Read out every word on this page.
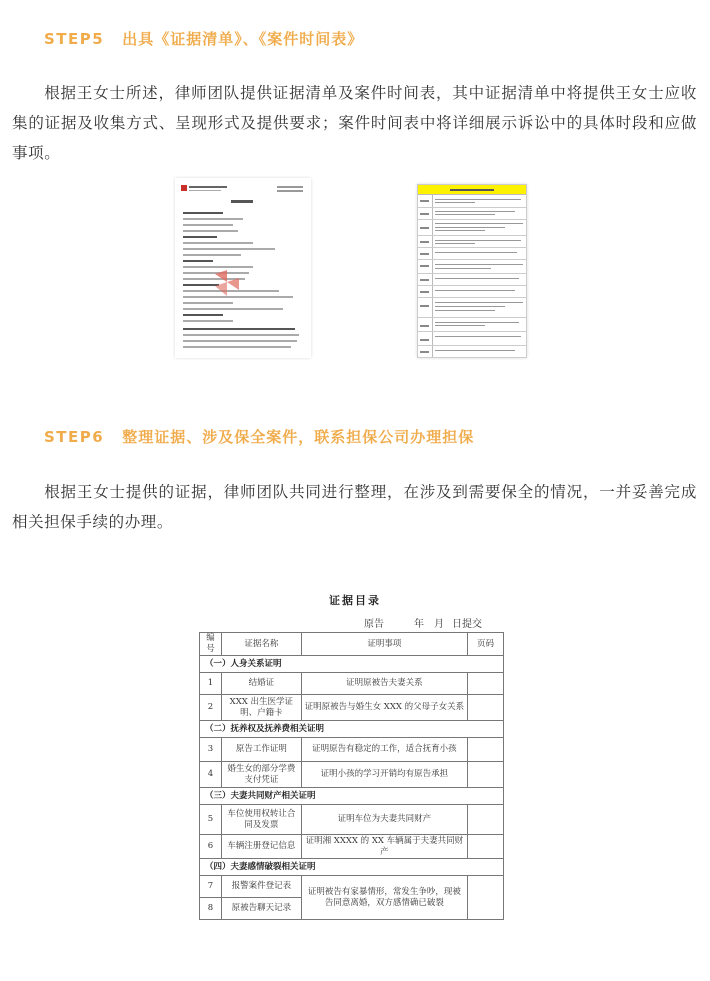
STEP5 出具《证据清单》、《案件时间表》
根据王女士所述，律师团队提供证据清单及案件时间表，其中证据清单中将提供王女士应收集的证据及收集方式、呈现形式及提供要求；案件时间表中将详细展示诉讼中的具体时段和应做事项。
STEP6 整理证据、涉及保全案件，联系担保公司办理担保
根据王女士提供的证据，律师团队共同进行整理，在涉及到需要保全的情况，一并妥善完成相关担保手续的办理。
证据目录
原告	年 月 日提交
编号	证据名称	证明事项	页码
（一）人身关系证明			
1	结婚证	证明原被告夫妻关系	
2	XXX 出生医学证明、户籍卡	证明原被告与婚生女 XXX 的父母子女关系	
（二）抚养权及抚养费相关证明			
3	原告工作证明	证明原告有稳定的工作，适合抚育小孩	
4	婚生女的部分学费支付凭证	证明小孩的学习开销均有原告承担	
（三）夫妻共同财产相关证明			
5	车位使用权转让合同及发票	证明车位为夫妻共同财产	
6	车辆注册登记信息	证明湘 XXXX 的 XX 车辆属于夫妻共同财产	
（四）夫妻感情破裂相关证明			
7	报警案件登记表	证明被告有家暴情形，常发生争吵，现被告同意离婚，双方感情确已破裂	
8	原被告聊天记录		
